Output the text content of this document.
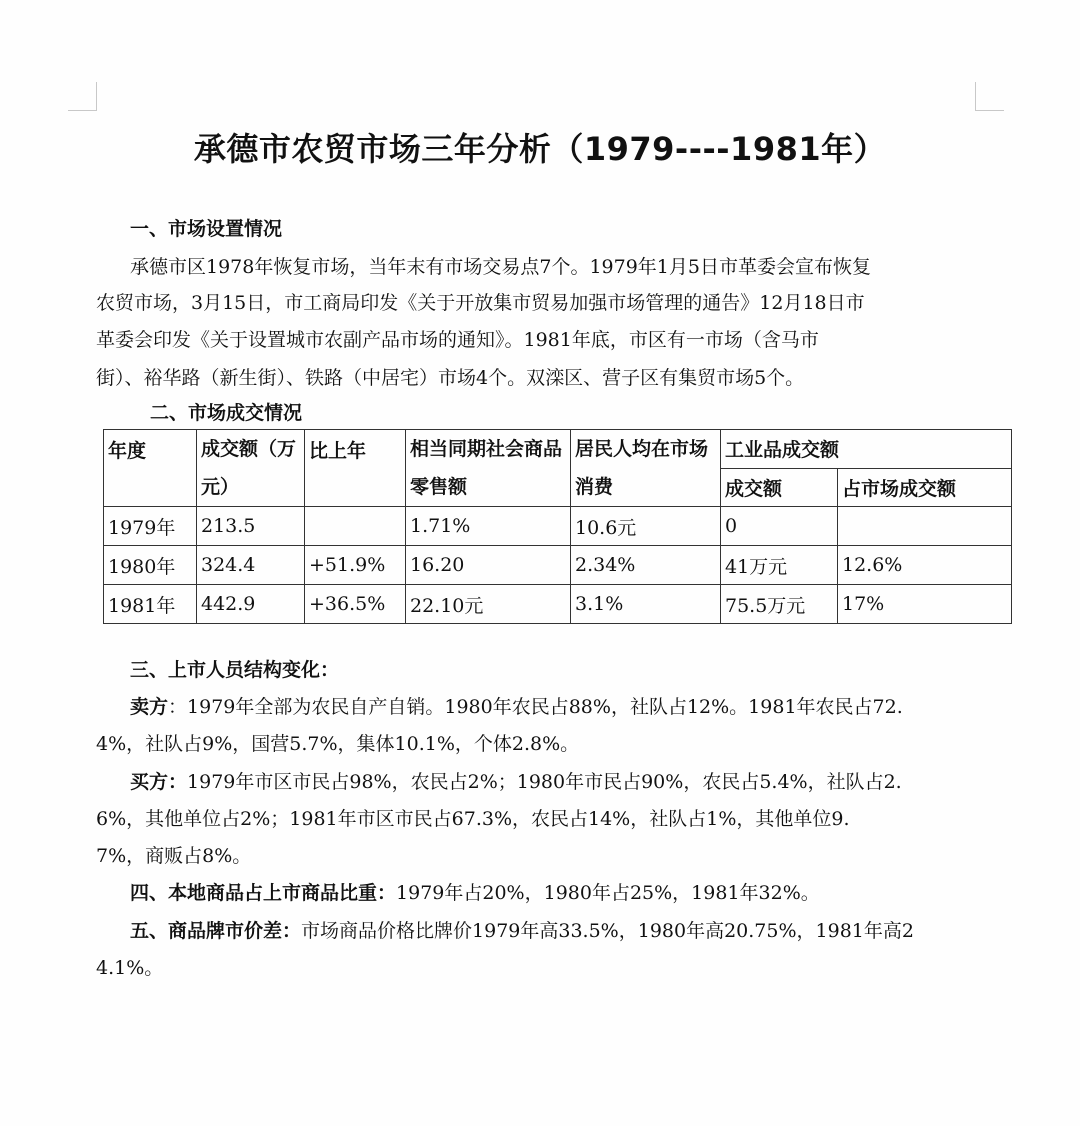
承德市农贸市场三年分析（1979----1981年）
一、市场设置情况
承德市区1978年恢复市场，当年末有市场交易点7个。1979年1月5日市革委会宣布恢复
农贸市场，3月15日，市工商局印发《关于开放集市贸易加强市场管理的通告》12月18日市
革委会印发《关于设置城市农副产品市场的通知》。1981年底，市区有一市场（含马市
街）、裕华路（新生街）、铁路（中居宅）市场4个。双滦区、营子区有集贸市场5个。
二、市场成交情况
年度	成交额（万元）	比上年	相当同期社会商品零售额	居民人均在市场消费	工业品成交额	
					成交额	占市场成交额
1979年	213.5		1.71%	10.6元	0	
1980年	324.4	+51.9%	16.20	2.34%	41万元	12.6%
1981年	442.9	+36.5%	22.10元	3.1%	75.5万元	17%
三、上市人员结构变化：
卖方：1979年全部为农民自产自销。1980年农民占88%，社队占12%。1981年农民占72.
4%，社队占9%，国营5.7%，集体10.1%，个体2.8%。
买方：1979年市区市民占98%，农民占2%；1980年市民占90%，农民占5.4%，社队占2.
6%，其他单位占2%；1981年市区市民占67.3%，农民占14%，社队占1%，其他单位9.
7%，商贩占8%。
四、本地商品占上市商品比重：1979年占20%，1980年占25%，1981年32%。
五、商品牌市价差：市场商品价格比牌价1979年高33.5%，1980年高20.75%，1981年高2
4.1%。
